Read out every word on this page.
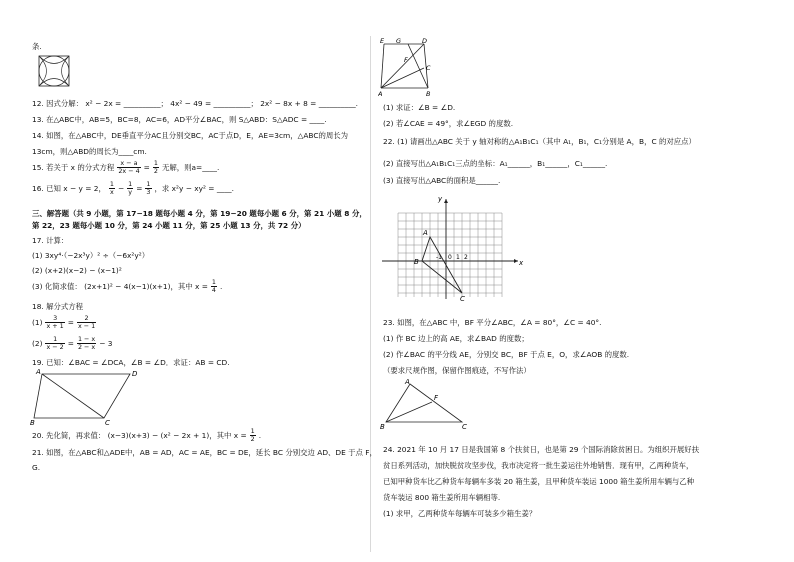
条.
12. 因式分解： x² − 2x = __________； 4x² − 49 = __________； 2x² − 8x + 8 = __________.
13. 在△ABC中，AB=5，BC=8，AC=6，AD平分∠BAC，则 S△ABD：S△ADC = ____.
14. 如图，在△ABC中，DE垂直平分AC且分别交BC，AC于点D，E，AE=3cm，△ABC的周长为
13cm，则△ABD的周长为____cm.
15. 若关于 x 的分式方程 $\frac{x - a}{2x - 4} = \frac{1}{2}$ 无解，则a=____.
16. 已知 x − y = 2， $\frac{1}{x} - \frac{1}{y} = \frac{1}{3}$ ，求 x²y − xy² = ____.
三、解答题（共 9 小题，第 17−18 题每小题 4 分，第 19−20 题每小题 6 分，第 21 小题 8 分，
第 22，23 题每小题 10 分，第 24 小题 11 分，第 25 小题 13 分，共 72 分）
17. 计算：
(1) 3xy⁴·（−2x³y）² ÷（−6x²y²）
(2) (x+2)(x−2) − (x−1)²
(3) 化简求值： (2x+1)² − 4(x−1)(x+1)，其中 $x = \frac{1}{4}$ .
18. 解分式方程
$(1) \frac{3}{x + 1} = \frac{2}{x - 1}$
$(2) \frac{1}{x - 2} = \frac{1 - x}{2 - x} - 3$
19. 已知：∠BAC = ∠DCA，∠B = ∠D．求证：AB = CD.
A	D
B	C
20. 先化简，再求值： (x−3)(x+3) − (x² − 2x + 1)，其中 $x = \frac{1}{2}$ .
21. 如图，在△ABC和△ADE中，AB = AD，AC = AE，BC = DE，延长 BC 分别交边 AD、DE 于点 F，
G.
E G	D
F
C
A	B
(1) 求证：∠B = ∠D.
(2) 若∠CAE = 49°，求∠EGD 的度数.
22. (1) 请画出△ABC 关于 y 轴对称的△A₁B₁C₁（其中 A₁，B₁，C₁分别是 A，B，C 的对应点）
(2) 直接写出△A₁B₁C₁三点的坐标：A₁______，B₁______，C₁______.
(3) 直接写出△ABC的面积是______.
y
x
0 1 2
-1
A
B
C
23. 如图，在△ABC 中，BF 平分∠ABC，∠A = 80°，∠C = 40°.
(1) 作 BC 边上的高 AE，求∠BAD 的度数；
(2) 作∠BAC 的平分线 AE，分别交 BC，BF 于点 E，O，求∠AOB 的度数.
（要求尺规作图，保留作图痕迹，不写作法）
A
F
B	C
24. 2021 年 10 月 17 日是我国第 8 个扶贫日，也是第 29 个国际消除贫困日。为组织开展好扶
贫日系列活动，加快脱贫攻坚步伐，我市决定将一批生姜运往外地销售．现有甲，乙两种货车，
已知甲种货车比乙种货车每辆车多装 20 箱生姜，且甲种货车装运 1000 箱生姜所用车辆与乙种
货车装运 800 箱生姜所用车辆相等.
(1) 求甲，乙两种货车每辆车可装多少箱生姜？
